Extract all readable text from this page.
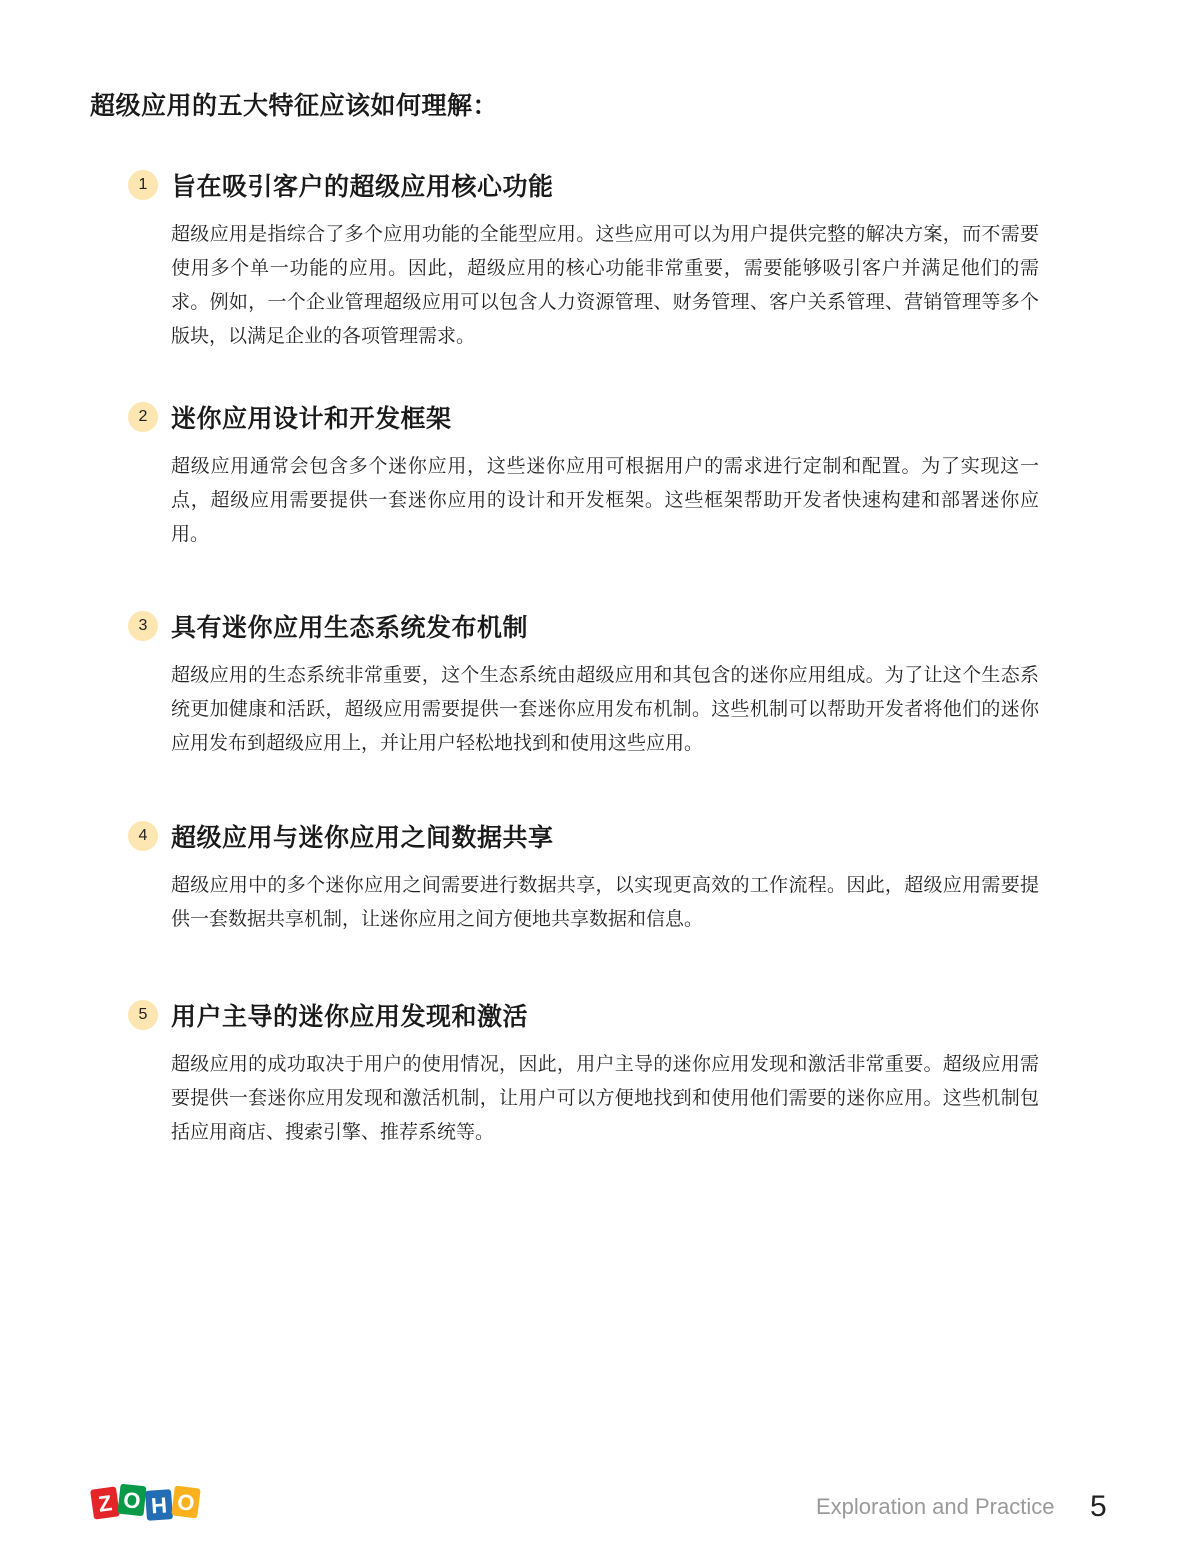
超级应用的五大特征应该如何理解：
1 旨在吸引客户的超级应用核心功能
超级应用是指综合了多个应用功能的全能型应用。这些应用可以为用户提供完整的解决方案，而不需要使用多个单一功能的应用。因此，超级应用的核心功能非常重要，需要能够吸引客户并满足他们的需求。例如，一个企业管理超级应用可以包含人力资源管理、财务管理、客户关系管理、营销管理等多个版块，以满足企业的各项管理需求。
2 迷你应用设计和开发框架
超级应用通常会包含多个迷你应用，这些迷你应用可根据用户的需求进行定制和配置。为了实现这一点，超级应用需要提供一套迷你应用的设计和开发框架。这些框架帮助开发者快速构建和部署迷你应用。
3 具有迷你应用生态系统发布机制
超级应用的生态系统非常重要，这个生态系统由超级应用和其包含的迷你应用组成。为了让这个生态系统更加健康和活跃，超级应用需要提供一套迷你应用发布机制。这些机制可以帮助开发者将他们的迷你应用发布到超级应用上，并让用户轻松地找到和使用这些应用。
4 超级应用与迷你应用之间数据共享
超级应用中的多个迷你应用之间需要进行数据共享，以实现更高效的工作流程。因此，超级应用需要提供一套数据共享机制，让迷你应用之间方便地共享数据和信息。
5 用户主导的迷你应用发现和激活
超级应用的成功取决于用户的使用情况，因此，用户主导的迷你应用发现和激活非常重要。超级应用需要提供一套迷你应用发现和激活机制，让用户可以方便地找到和使用他们需要的迷你应用。这些机制包括应用商店、搜索引擎、推荐系统等。
Z O H O	Exploration and Practice 5
